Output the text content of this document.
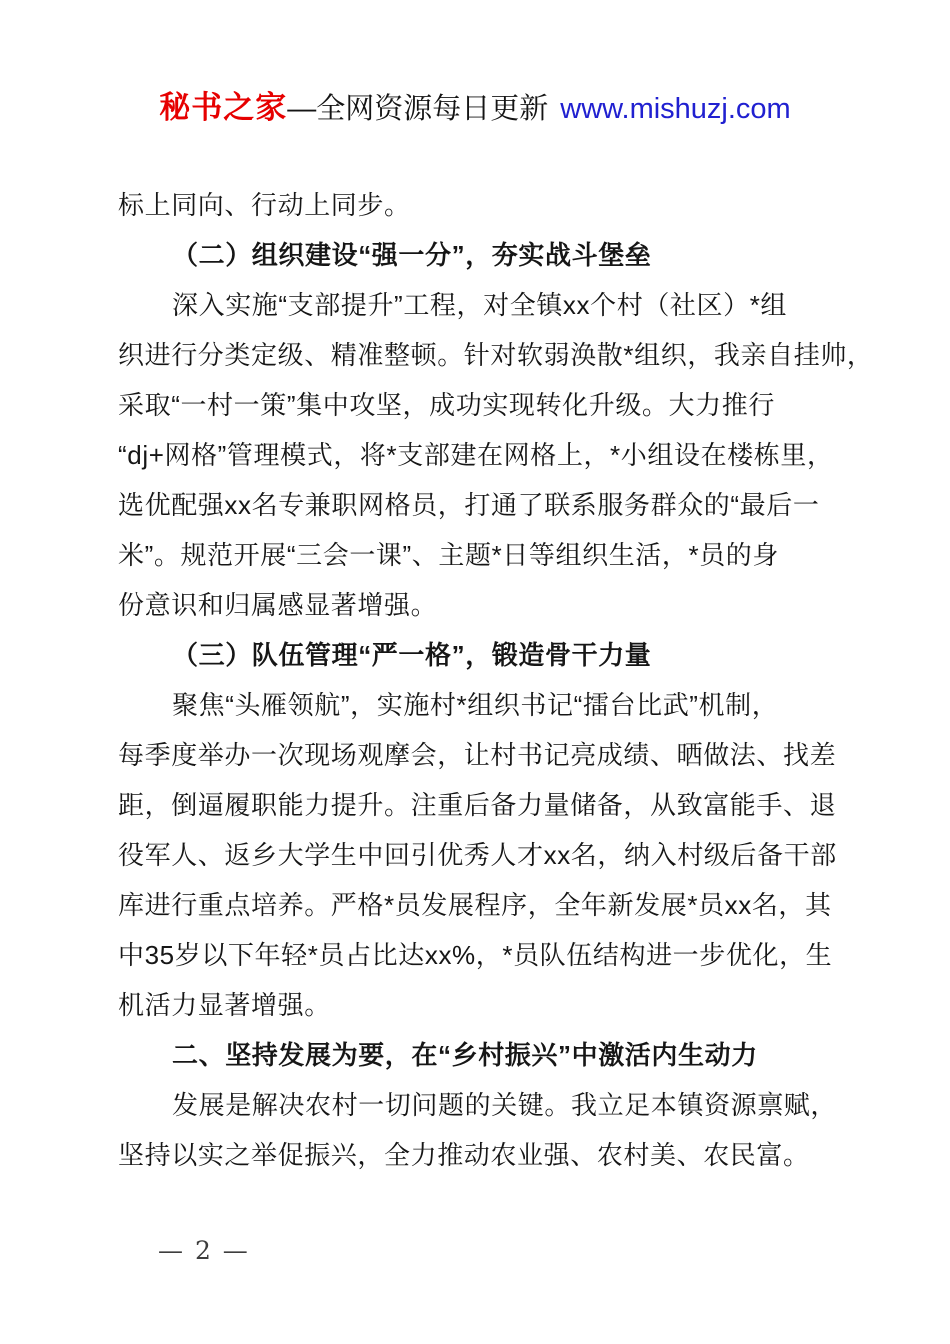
秘书之家—全网资源每日更新 www.mishuzj.com
标上同向、行动上同步。
（二）组织建设“强一分”，夯实战斗堡垒
深入实施“支部提升”工程，对全镇xx个村（社区）*组
织进行分类定级、精准整顿。针对软弱涣散*组织，我亲自挂帅，
采取“一村一策”集中攻坚，成功实现转化升级。大力推行
“dj+网格”管理模式，将*支部建在网格上，*小组设在楼栋里，
选优配强xx名专兼职网格员，打通了联系服务群众的“最后一
米”。规范开展“三会一课”、主题*日等组织生活，*员的身
份意识和归属感显著增强。
（三）队伍管理“严一格”，锻造骨干力量
聚焦“头雁领航”，实施村*组织书记“擂台比武”机制，
每季度举办一次现场观摩会，让村书记亮成绩、晒做法、找差
距，倒逼履职能力提升。注重后备力量储备，从致富能手、退
役军人、返乡大学生中回引优秀人才xx名，纳入村级后备干部
库进行重点培养。严格*员发展程序，全年新发展*员xx名，其
中35岁以下年轻*员占比达xx%，*员队伍结构进一步优化，生
机活力显著增强。
二、坚持发展为要，在“乡村振兴”中激活内生动力
发展是解决农村一切问题的关键。我立足本镇资源禀赋，
坚持以实之举促振兴，全力推动农业强、农村美、农民富。
— 2 —
